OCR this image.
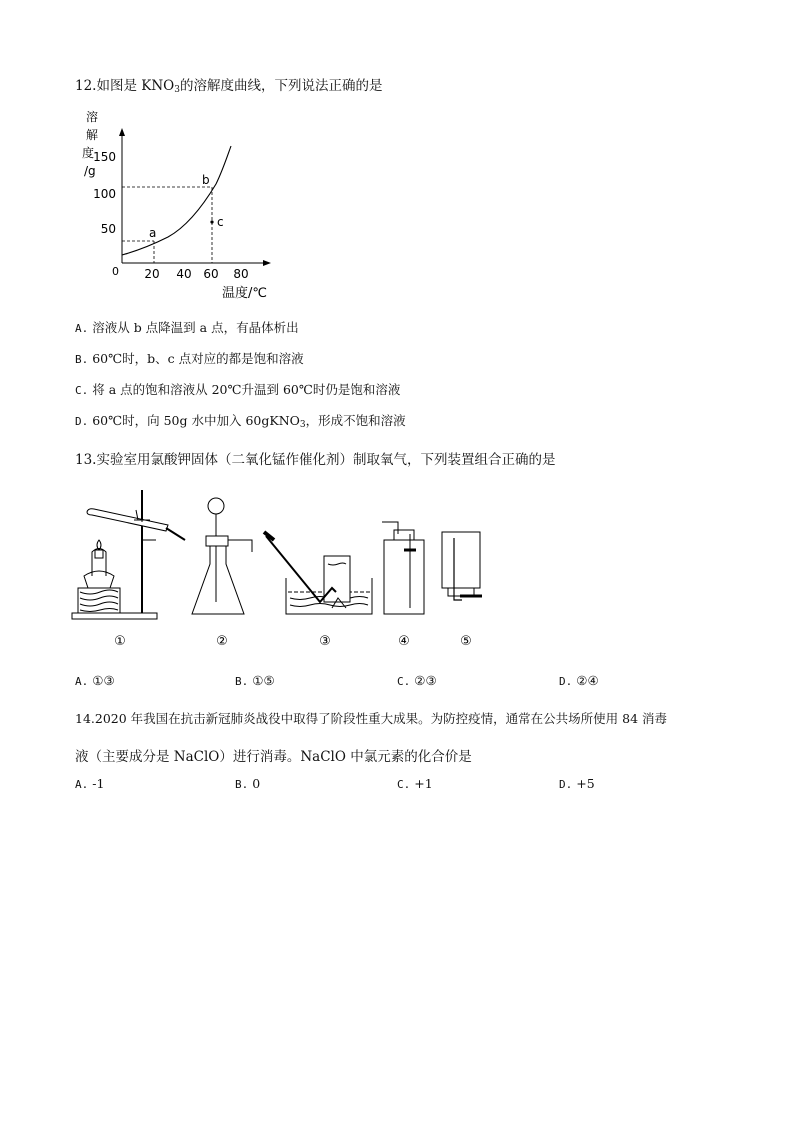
12.如图是 $KNO_3$的溶解度曲线，下列说法正确的是
溶
解
度
/g
150
100
50
0 20 40 60 80
a
b
c
温度/℃
A. 溶液从 b 点降温到 a 点，有晶体析出
B. 60℃时，b、c 点对应的都是饱和溶液
C. 将 a 点的饱和溶液从 20℃升温到 60℃时仍是饱和溶液
D. 60℃时，向 50g 水中加入 60gKNO$_3$，形成不饱和溶液
13.实验室用氯酸钾固体（二氧化锰作催化剂）制取氧气，下列装置组合正确的是
①	②	③	④	⑤
A. ①③	B. ①⑤	C. ②③	D. ②④
14.2020 年我国在抗击新冠肺炎战役中取得了阶段性重大成果。为防控疫情，通常在公共场所使用 84 消毒
液（主要成分是 NaClO）进行消毒。NaClO 中氯元素的化合价是
A. -1	B. 0	C. +1	D. +5
